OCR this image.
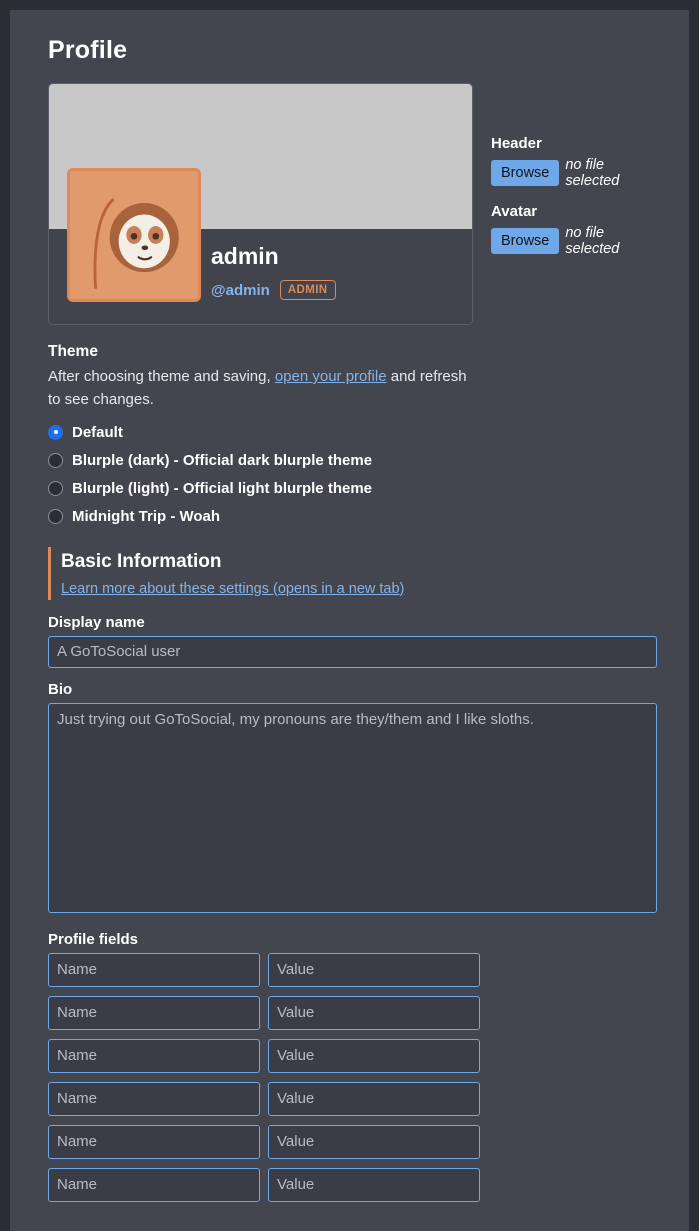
Profile
admin
@admin	ADMIN
Header
Browse	no file selected
Avatar
Browse	no file selected
Theme

After choosing theme and saving, open your profile and refresh to see changes.

Default
Blurple (dark) - Official dark blurple theme
Blurple (light) - Official light blurple theme
Midnight Trip - Woah
Basic Information
Learn more about these settings (opens in a new tab)
Display name
A GoToSocial user
Bio
Just trying out GoToSocial, my pronouns are they/them and I like sloths.
Profile fields
Name
Value
Name
Value
Name
Value
Name
Value
Name
Value
Name
Value
